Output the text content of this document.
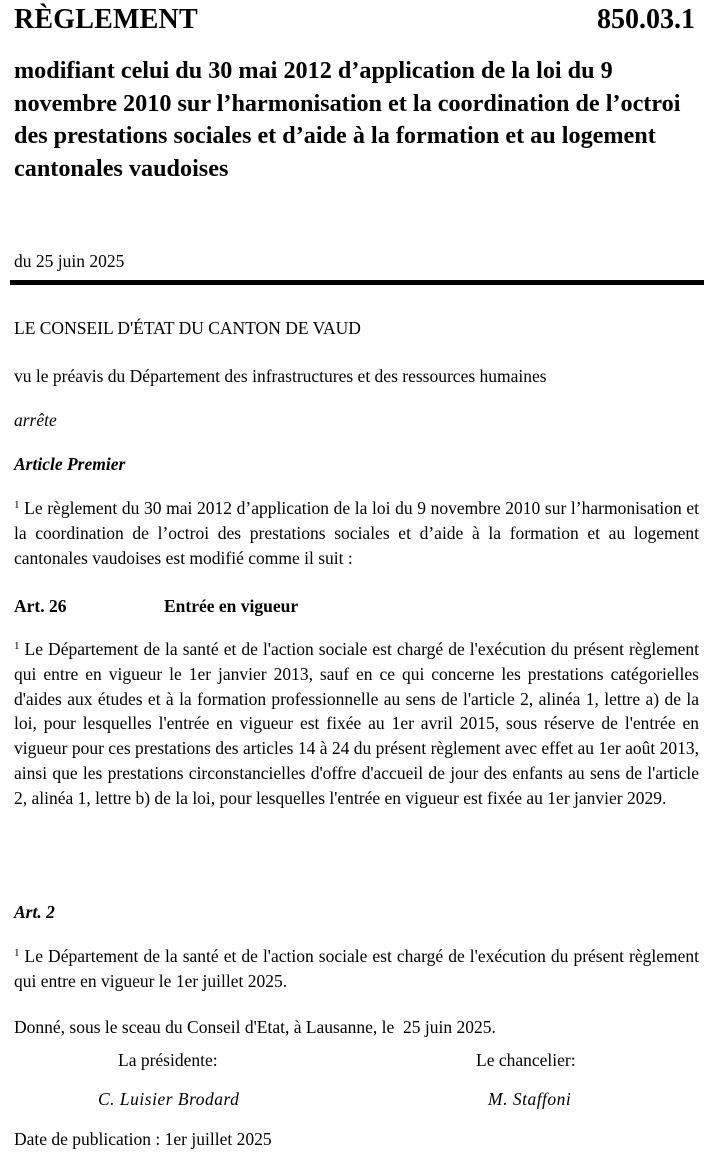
RÈGLEMENT	850.03.1
modifiant celui du 30 mai 2012 d’application de la loi du 9 novembre 2010 sur l’harmonisation et la coordination de l’octroi des prestations sociales et d’aide à la formation et au logement cantonales vaudoises
du 25 juin 2025
LE CONSEIL D'ÉTAT DU CANTON DE VAUD
vu le préavis du Département des infrastructures et des ressources humaines
arrête
Article Premier
$^1$ Le règlement du 30 mai 2012 d’application de la loi du 9 novembre 2010 sur l’harmonisation et la coordination de l’octroi des prestations sociales et d’aide à la formation et au logement cantonales vaudoises est modifié comme il suit :
Art. 26	Entrée en vigueur
$^1$ Le Département de la santé et de l'action sociale est chargé de l'exécution du présent règlement qui entre en vigueur le 1er janvier 2013, sauf en ce qui concerne les prestations catégorielles d'aides aux études et à la formation professionnelle au sens de l'article 2, alinéa 1, lettre a) de la loi, pour lesquelles l'entrée en vigueur est fixée au 1er avril 2015, sous réserve de l'entrée en vigueur pour ces prestations des articles 14 à 24 du présent règlement avec effet au 1er août 2013, ainsi que les prestations circonstancielles d'offre d'accueil de jour des enfants au sens de l'article 2, alinéa 1, lettre b) de la loi, pour lesquelles l'entrée en vigueur est fixée au 1er janvier 2029.
Art. 2
$^1$ Le Département de la santé et de l'action sociale est chargé de l'exécution du présent règlement qui entre en vigueur le 1er juillet 2025.
Donné, sous le sceau du Conseil d'Etat, à Lausanne, le  25 juin 2025.
La présidente:
C. Luisier Brodard
Le chancelier:
M. Staffoni
Date de publication : 1er juillet 2025
